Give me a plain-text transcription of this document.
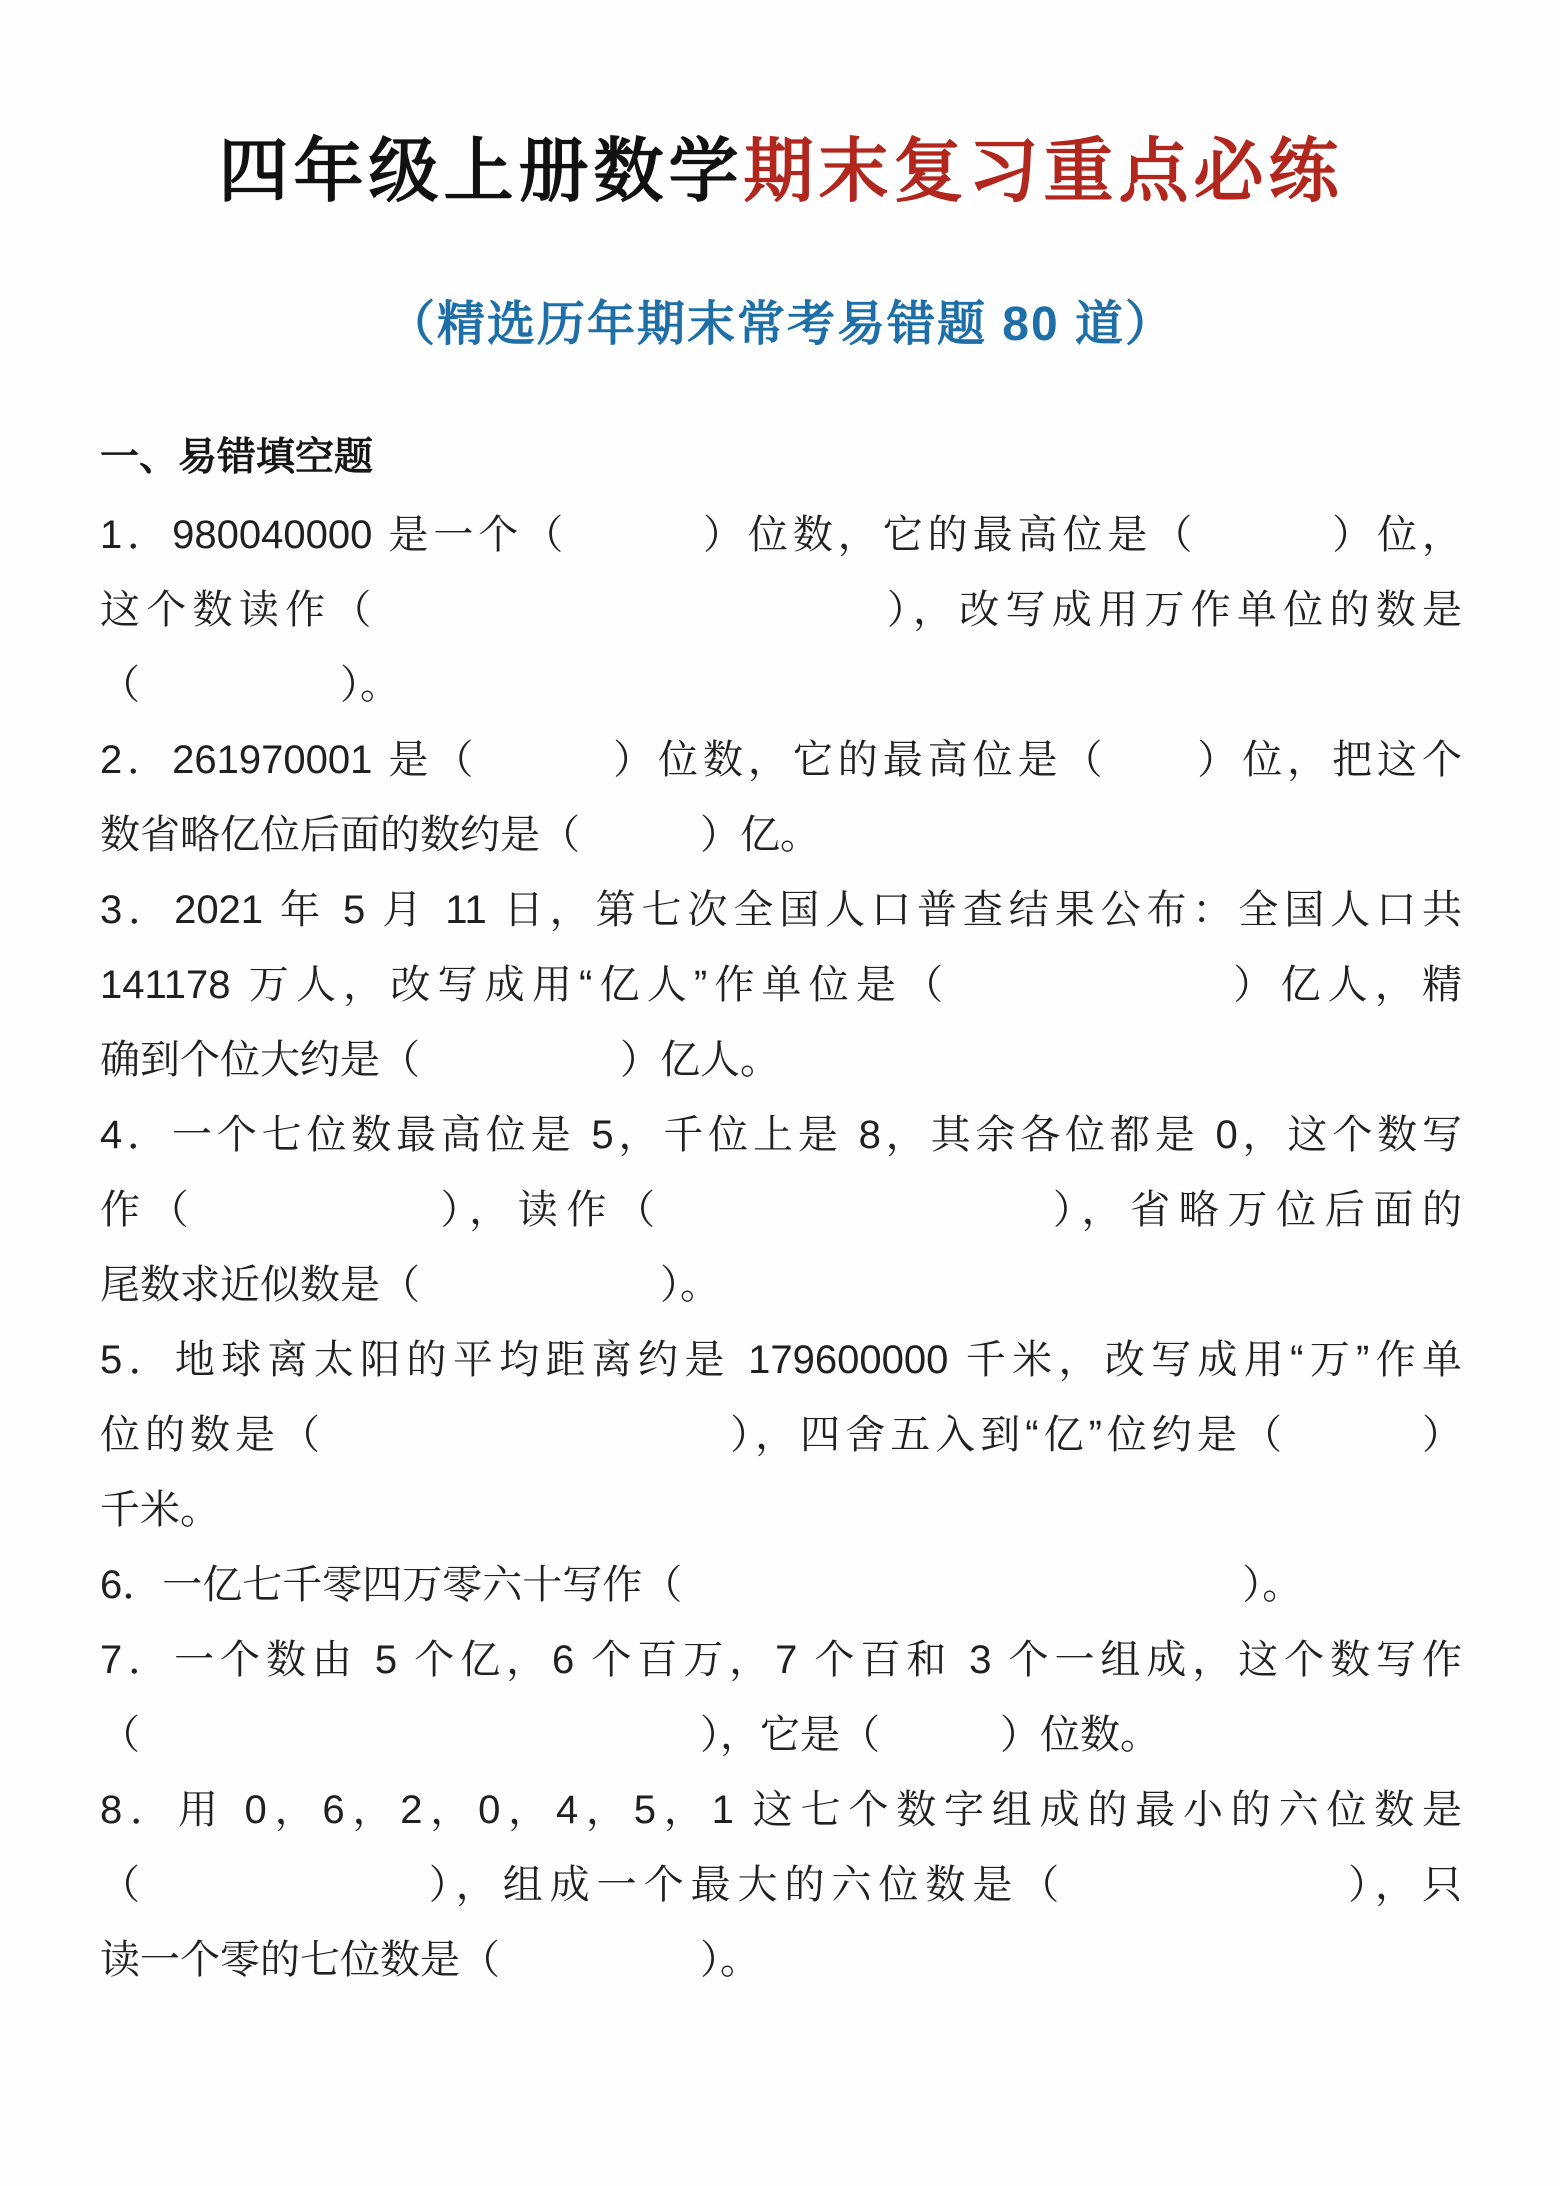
四年级上册数学期末复习重点必练
（精选历年期末常考易错题 80 道）
一、易错填空题

1．980040000 是一个（　　　）位数，它的最高位是（　　　）位，

这个数读作（　　　　　　　　　　　），改写成用万作单位的数是

（　　　　　）。

2．261970001 是（　　　）位数，它的最高位是（　　）位，把这个

数省略亿位后面的数约是（　　　）亿。

3．2021 年 5 月 11 日，第七次全国人口普查结果公布：全国人口共

141178 万人，改写成用“亿人”作单位是（　　　　　　）亿人，精

确到个位大约是（　　　　　）亿人。

4．一个七位数最高位是 5，千位上是 8，其余各位都是 0，这个数写

作（　　　　　），读作（　　　　　　　　），省略万位后面的

尾数求近似数是（　　　　　　）。

5．地球离太阳的平均距离约是 179600000 千米，改写成用“万”作单

位的数是（　　　　　　　　　），四舍五入到“亿”位约是（　　　）

千米。

6．一亿七千零四万零六十写作（　　　　　　　　　　　　　　）。

7．一个数由 5 个亿，6 个百万，7 个百和 3 个一组成，这个数写作

（　　　　　　　　　　　　　　），它是（　　　）位数。

8．用 0，6，2，0，4，5，1 这七个数字组成的最小的六位数是

（　　　　　　），组成一个最大的六位数是（　　　　　　），只

读一个零的七位数是（　　　　　）。
